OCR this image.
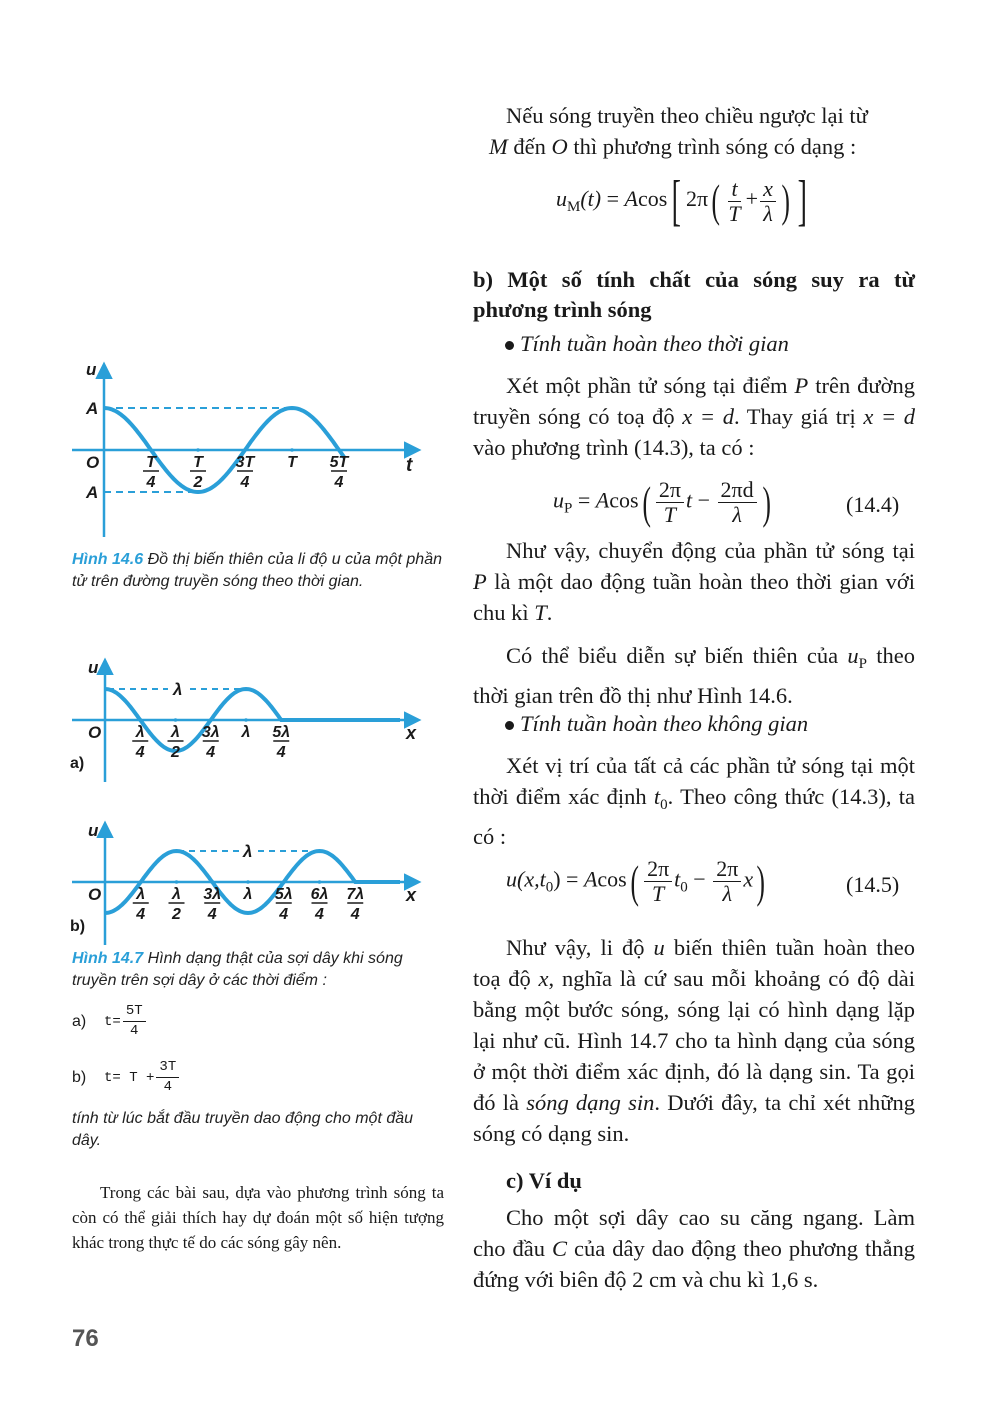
Nếu sóng truyền theo chiều ngược lại từ
M đến O thì phương trình sóng có dạng :
$u_M(t) = Acos$[ $2\pi( \frac{t}{T} + \frac{x}{\lambda}$ ) ]
b) Một số tính chất của sóng suy ra từ phương trình sóng
Tính tuần hoàn theo thời gian
Xét một phần tử sóng tại điểm P trên đường truyền sóng có toạ độ x = d. Thay giá trị x = d vào phương trình (14.3), ta có :
$u_P = Acos( \frac{2\pi}{T}$ $t - \frac{2\pi d}{\lambda}$ )	(14.4)
Như vậy, chuyển động của phần tử sóng tại P là một dao động tuần hoàn theo thời gian với chu kì T.
Có thể biểu diễn sự biến thiên của $u_P$ theo thời gian trên đồ thị như Hình 14.6.
Tính tuần hoàn theo không gian
Xét vị trí của tất cả các phần tử sóng tại một thời điểm xác định $t_0$. Theo công thức (14.3), ta có :
$u(x,t_0) = Acos( \frac{2\pi}{T} t_0 - \frac{2\pi}{\lambda} x)$	(14.5)
Như vậy, li độ u biến thiên tuần hoàn theo toạ độ x, nghĩa là cứ sau mỗi khoảng có độ dài bằng một bước sóng, sóng lại có hình dạng lặp lại như cũ. Hình 14.7 cho ta hình dạng của sóng ở một thời điểm xác định, đó là dạng sin. Ta gọi đó là sóng dạng sin. Dưới đây, ta chỉ xét những sóng có dạng sin.
c) Ví dụ
Cho một sợi dây cao su căng ngang. Làm cho đầu C của dây dao động theo phương thẳng đứng với biên độ 2 cm và chu kì 1,6 s.
T
4
T
2
3T
4
T 5T
4
u
t
O
A
A
Hình 14.6 Đồ thị biến thiên của li độ u của một phần tử trên đường truyền sóng theo thời gian.
λ
4
λ
2
3λ
4
λ 5λ
4
u
x
O
a)
λ
λ
4
λ
2
3λ
4
λ 5λ
4
6λ
4
7λ
4
u
x
O
b)
λ
Hình 14.7 Hình dạng thật của sợi dây khi sóng truyền trên sợi dây ở các thời điểm :
a)	$t= \frac{5T}{4}$
b)	$t= T + \frac{3T}{4}$
tính từ lúc bắt đầu truyền dao động cho một đầu dây.
Trong các bài sau, dựa vào phương trình sóng ta còn có thể giải thích hay dự đoán một số hiện tượng khác trong thực tế do các sóng gây nên.
76
